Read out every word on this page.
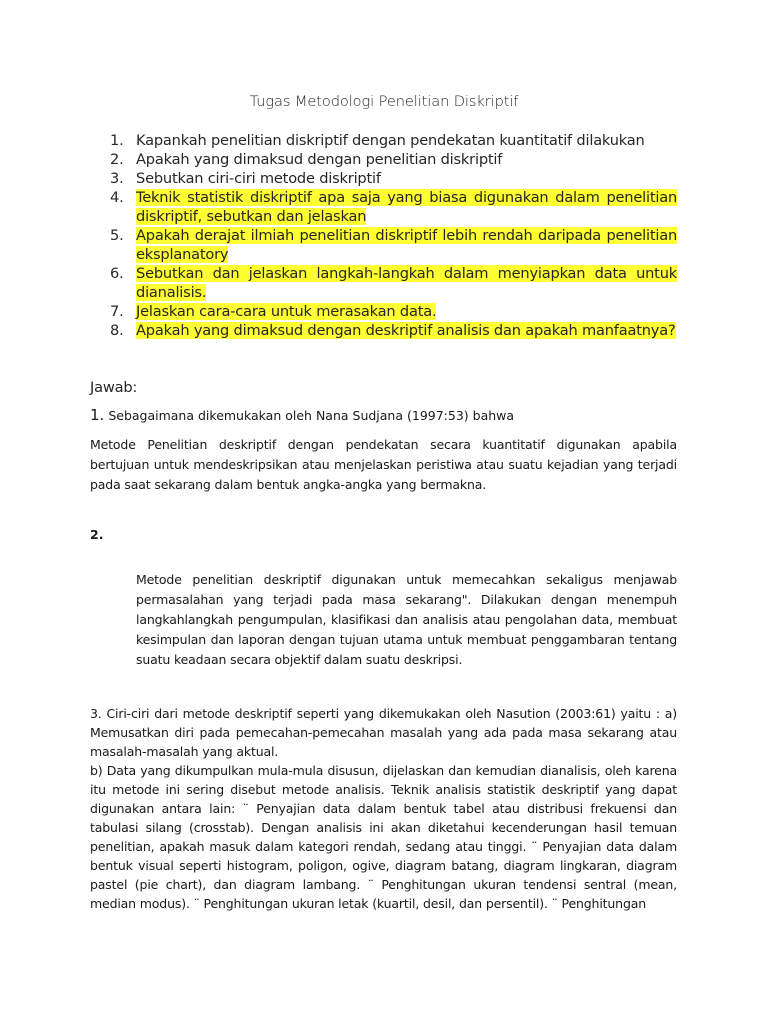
Tugas Metodologi Penelitian Diskriptif
1. Kapankah penelitian diskriptif dengan pendekatan kuantitatif dilakukan
2. Apakah yang dimaksud dengan penelitian diskriptif
3. Sebutkan ciri-ciri metode diskriptif
4. Teknik statistik diskriptif apa saja yang biasa digunakan dalam penelitian diskriptif, sebutkan dan jelaskan
5. Apakah derajat ilmiah penelitian diskriptif lebih rendah daripada penelitian eksplanatory
6. Sebutkan dan jelaskan langkah-langkah dalam menyiapkan data untuk dianalisis.
7. Jelaskan cara-cara untuk merasakan data.
8. Apakah yang dimaksud dengan deskriptif analisis dan apakah manfaatnya?
Jawab:
1. Sebagaimana dikemukakan oleh Nana Sudjana (1997:53) bahwa
Metode Penelitian deskriptif dengan pendekatan secara kuantitatif digunakan apabila bertujuan untuk mendeskripsikan atau menjelaskan peristiwa atau suatu kejadian yang terjadi pada saat sekarang dalam bentuk angka-angka yang bermakna.
2.
Metode penelitian deskriptif digunakan untuk memecahkan sekaligus menjawab permasalahan yang terjadi pada masa sekarang". Dilakukan dengan menempuh langkahlangkah pengumpulan, klasifikasi dan analisis atau pengolahan data, membuat kesimpulan dan laporan dengan tujuan utama untuk membuat penggambaran tentang suatu keadaan secara objektif dalam suatu deskripsi.
3. Ciri-ciri dari metode deskriptif seperti yang dikemukakan oleh Nasution (2003:61) yaitu : a) Memusatkan diri pada pemecahan-pemecahan masalah yang ada pada masa sekarang atau masalah-masalah yang aktual.
b) Data yang dikumpulkan mula-mula disusun, dijelaskan dan kemudian dianalisis, oleh karena itu metode ini sering disebut metode analisis. Teknik analisis statistik deskriptif yang dapat digunakan antara lain: ¨ Penyajian data dalam bentuk tabel atau distribusi frekuensi dan tabulasi silang (crosstab). Dengan analisis ini akan diketahui kecenderungan hasil temuan penelitian, apakah masuk dalam kategori rendah, sedang atau tinggi. ¨ Penyajian data dalam bentuk visual seperti histogram, poligon, ogive, diagram batang, diagram lingkaran, diagram pastel (pie chart), dan diagram lambang. ¨ Penghitungan ukuran tendensi sentral (mean, median modus). ¨ Penghitungan ukuran letak (kuartil, desil, dan persentil). ¨ Penghitungan
